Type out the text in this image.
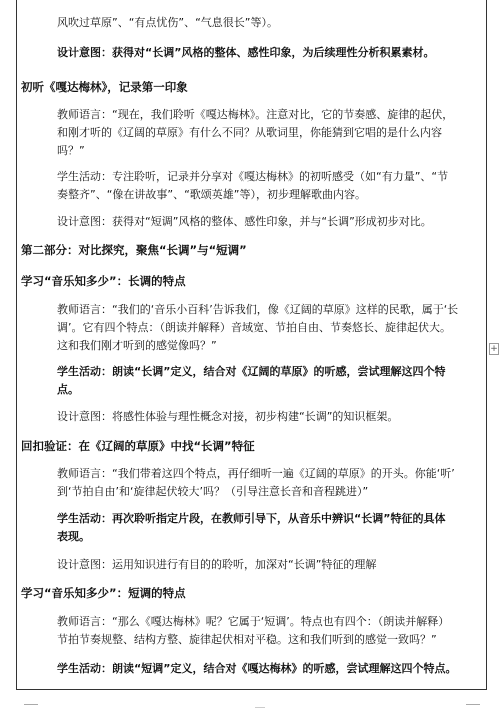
风吹过草原”、“有点忧伤”、“气息很长”等）。
设计意图：获得对“长调”风格的整体、感性印象，为后续理性分析积累素材。
初听《嘎达梅林》，记录第一印象
教师语言：“现在，我们聆听《嘎达梅林》。注意对比，它的节奏感、旋律的起伏，
和刚才听的《辽阔的草原》有什么不同？从歌词里，你能猜到它唱的是什么内容
吗？”
学生活动：专注聆听，记录并分享对《嘎达梅林》的初听感受（如“有力量”、“节
奏整齐”、“像在讲故事”、“歌颂英雄”等），初步理解歌曲内容。
设计意图：获得对“短调”风格的整体、感性印象，并与“长调”形成初步对比。
第二部分：对比探究，聚焦“长调”与“短调”
学习“音乐知多少”：长调的特点
教师语言：“我们的‘音乐小百科’告诉我们，像《辽阔的草原》这样的民歌，属于‘长
调’。它有四个特点：（朗读并解释）音域宽、节拍自由、节奏悠长、旋律起伏大。
这和我们刚才听到的感觉像吗？”
学生活动：朗读“长调”定义，结合对《辽阔的草原》的听感，尝试理解这四个特
点。
设计意图：将感性体验与理性概念对接，初步构建“长调”的知识框架。
回扣验证：在《辽阔的草原》中找“长调”特征
教师语言：“我们带着这四个特点，再仔细听一遍《辽阔的草原》的开头。你能‘听’
到‘节拍自由’和‘旋律起伏较大’吗？（引导注意长音和音程跳进）”
学生活动：再次聆听指定片段，在教师引导下，从音乐中辨识“长调”特征的具体
表现。
设计意图：运用知识进行有目的的聆听，加深对“长调”特征的理解
学习“音乐知多少”：短调的特点
教师语言：“那么《嘎达梅林》呢？它属于‘短调’。特点也有四个：（朗读并解释）
节拍节奏规整、结构方整、旋律起伏相对平稳。这和我们听到的感觉一致吗？”
学生活动：朗读“短调”定义，结合对《嘎达梅林》的听感，尝试理解这四个特点。
+
